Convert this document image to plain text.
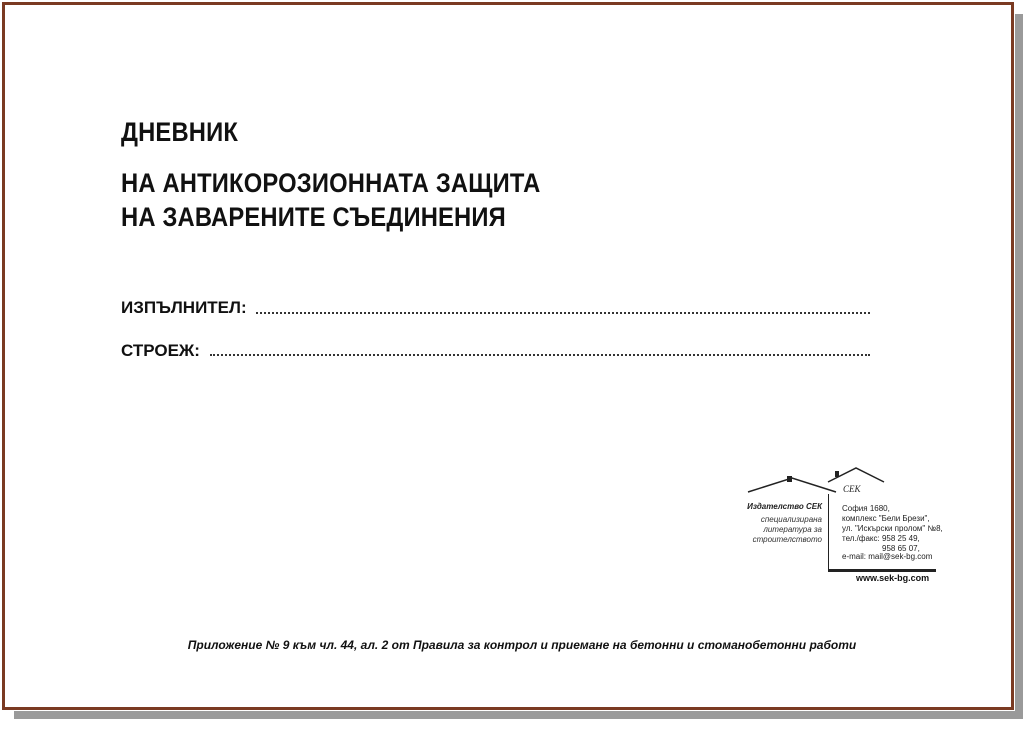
ДНЕВНИК
НА АНТИКОРОЗИОННАТА ЗАЩИТА
НА ЗАВАРЕНИТЕ СЪЕДИНЕНИЯ
ИЗПЪЛНИТЕЛ:
СТРОЕЖ:
СЕК
Издателство СЕК
специализирана
литература за
строителството
София 1680,
комплекс "Бели Брези",
ул. "Искърски пролом" №8,
тел./факс: 958 25 49,
958 65 07,
e-mail: mail@sek-bg.com
www.sek-bg.com
Приложение № 9 към чл. 44, ал. 2 от Правила за контрол и приемане на бетонни и стоманобетонни работи
